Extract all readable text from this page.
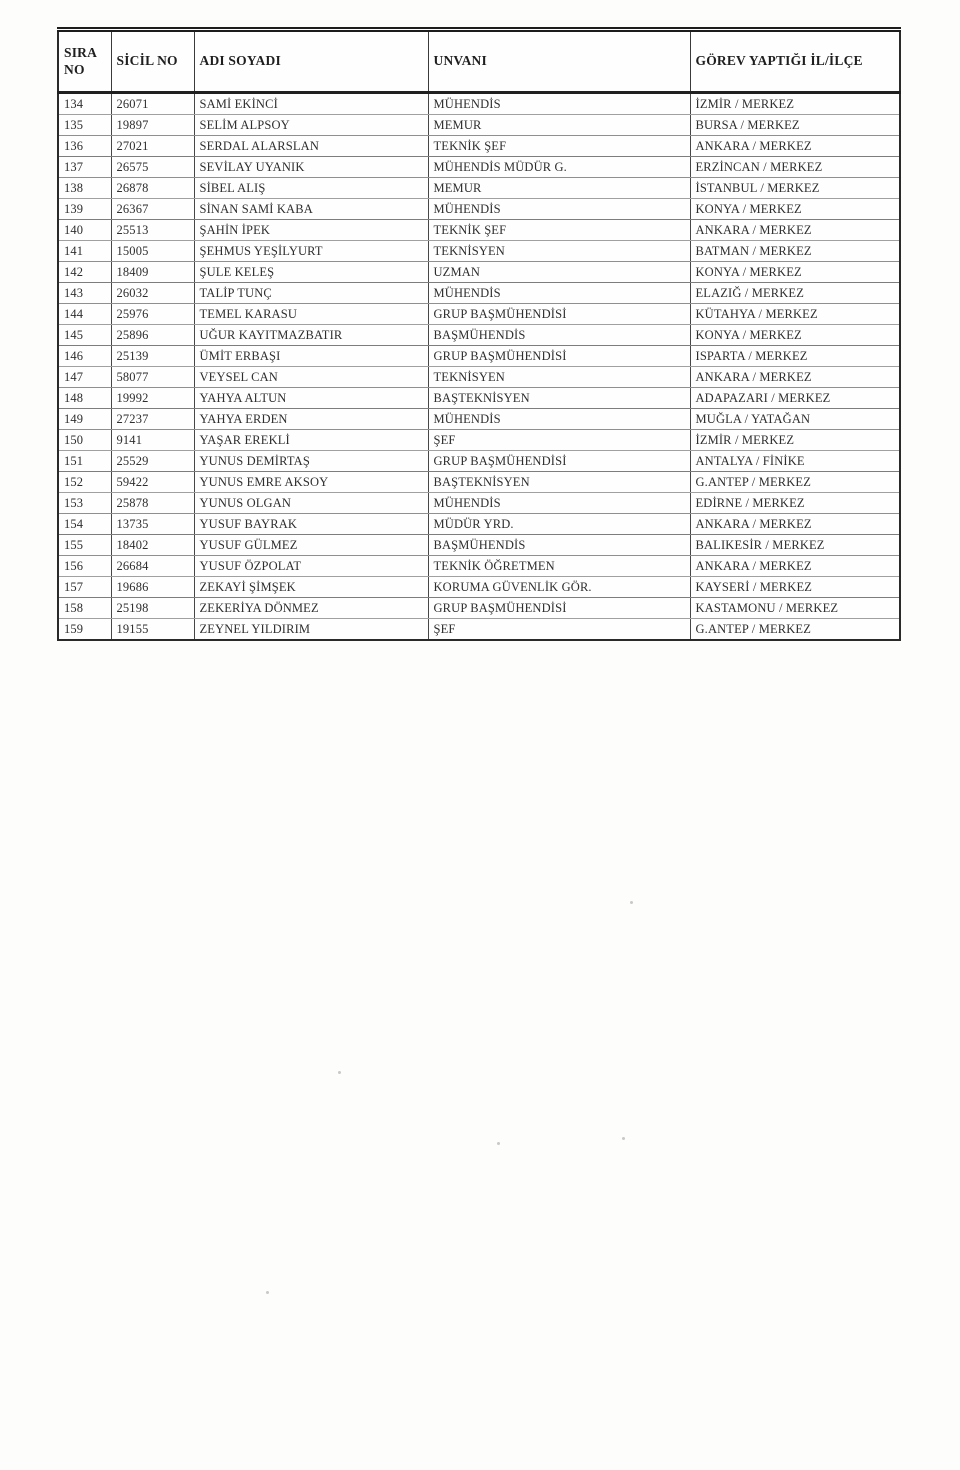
SIRA NO	SİCİL NO	ADI SOYADI	UNVANI	GÖREV YAPTIĞI İL/İLÇE
134	26071	SAMİ EKİNCİ	MÜHENDİS	İZMİR / MERKEZ
135	19897	SELİM ALPSOY	MEMUR	BURSA / MERKEZ
136	27021	SERDAL ALARSLAN	TEKNİK ŞEF	ANKARA / MERKEZ
137	26575	SEVİLAY UYANIK	MÜHENDİS MÜDÜR G.	ERZİNCAN / MERKEZ
138	26878	SİBEL ALIŞ	MEMUR	İSTANBUL / MERKEZ
139	26367	SİNAN SAMİ KABA	MÜHENDİS	KONYA / MERKEZ
140	25513	ŞAHİN İPEK	TEKNİK ŞEF	ANKARA / MERKEZ
141	15005	ŞEHMUS YEŞİLYURT	TEKNİSYEN	BATMAN / MERKEZ
142	18409	ŞULE KELEŞ	UZMAN	KONYA / MERKEZ
143	26032	TALİP TUNÇ	MÜHENDİS	ELAZIĞ / MERKEZ
144	25976	TEMEL KARASU	GRUP BAŞMÜHENDİSİ	KÜTAHYA / MERKEZ
145	25896	UĞUR KAYITMAZBATIR	BAŞMÜHENDİS	KONYA / MERKEZ
146	25139	ÜMİT ERBAŞI	GRUP BAŞMÜHENDİSİ	ISPARTA / MERKEZ
147	58077	VEYSEL CAN	TEKNİSYEN	ANKARA / MERKEZ
148	19992	YAHYA ALTUN	BAŞTEKNİSYEN	ADAPAZARI / MERKEZ
149	27237	YAHYA ERDEN	MÜHENDİS	MUĞLA / YATAĞAN
150	9141	YAŞAR EREKLİ	ŞEF	İZMİR / MERKEZ
151	25529	YUNUS DEMİRTAŞ	GRUP BAŞMÜHENDİSİ	ANTALYA / FİNİKE
152	59422	YUNUS EMRE AKSOY	BAŞTEKNİSYEN	G.ANTEP / MERKEZ
153	25878	YUNUS OLGAN	MÜHENDİS	EDİRNE / MERKEZ
154	13735	YUSUF BAYRAK	MÜDÜR YRD.	ANKARA / MERKEZ
155	18402	YUSUF GÜLMEZ	BAŞMÜHENDİS	BALIKESİR / MERKEZ
156	26684	YUSUF ÖZPOLAT	TEKNİK ÖĞRETMEN	ANKARA / MERKEZ
157	19686	ZEKAYİ ŞİMŞEK	KORUMA GÜVENLİK GÖR.	KAYSERİ / MERKEZ
158	25198	ZEKERİYA DÖNMEZ	GRUP BAŞMÜHENDİSİ	KASTAMONU / MERKEZ
159	19155	ZEYNEL YILDIRIM	ŞEF	G.ANTEP / MERKEZ
